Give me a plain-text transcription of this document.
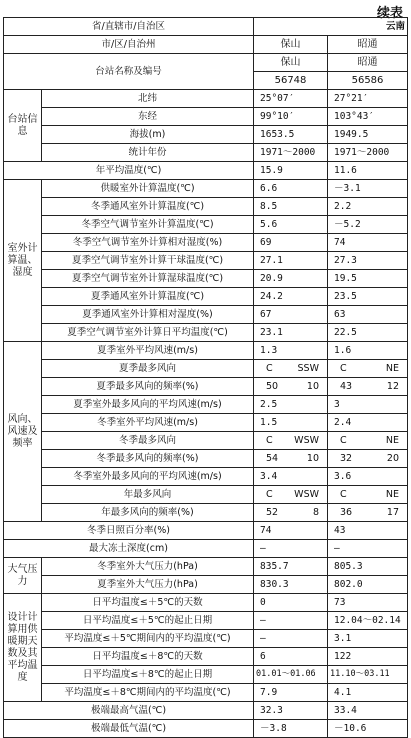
续表
省/直辖市/自治区		云南	
市/区/自治州		保山	昭通
台站名称及编号		保山	昭通
		56748	56586
台站信息	北纬	25°07′	27°21′
	东经	99°10′	103°43′
	海拔(m)	1653.5	1949.5
	统计年份	1971～2000	1971～2000
年平均温度(℃)		15.9	11.6
室外计算温、湿度	供暖室外计算温度(℃)	6.6	－3.1
	冬季通风室外计算温度(℃)	8.5	2.2
	冬季空气调节室外计算温度(℃)	5.6	－5.2
	冬季空气调节室外计算相对湿度(%)	69	74
	夏季空气调节室外计算干球温度(℃)	27.1	27.3
	夏季空气调节室外计算湿球温度(℃)	20.9	19.5
	夏季通风室外计算温度(℃)	24.2	23.5
	夏季通风室外计算相对湿度(%)	67	63
	夏季空气调节室外计算日平均温度(℃)	23.1	22.5
风向、风速及频率	夏季室外平均风速(m/s)	1.3	1.6
	夏季最多风向	C SSW	C NE

	夏季最多风向的频率(%)	50 10	43 12

	夏季室外最多风向的平均风速(m/s)	2.5	3
	冬季室外平均风速(m/s)	1.5	2.4
	冬季最多风向	C WSW	C NE

	冬季最多风向的频率(%)	54 10	32 20

	冬季室外最多风向的平均风速(m/s)	3.4	3.6
	年最多风向	C WSW	C NE

	年最多风向的频率(%)	52 8	36 17

冬季日照百分率(%)		74	43
最大冻土深度(cm)		—	—
大气压力	冬季室外大气压力(hPa)	835.7	805.3
	夏季室外大气压力(hPa)	830.3	802.0
设计计算用供暖期天数及其平均温度	日平均温度≤＋5℃的天数	0	73
	日平均温度≤＋5℃的起止日期	—	12.04～02.14
	平均温度≤＋5℃期间内的平均温度(℃)	—	3.1
	日平均温度≤＋8℃的天数	6	122
	日平均温度≤＋8℃的起止日期	01.01～01.06	11.10～03.11
	平均温度≤＋8℃期间内的平均温度(℃)	7.9	4.1
极端最高气温(℃)		32.3	33.4
极端最低气温(℃)		－3.8	－10.6
